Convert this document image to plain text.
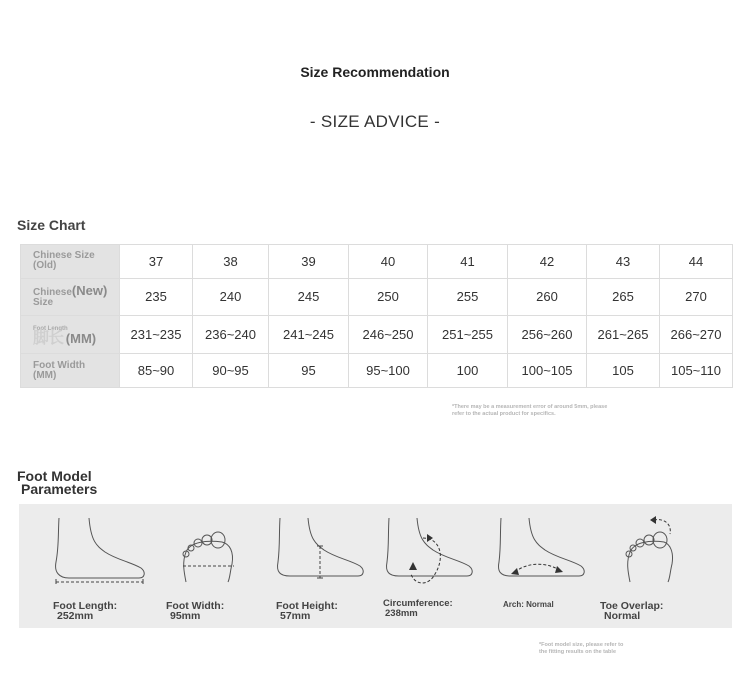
Size Recommendation
- SIZE ADVICE -
Size Chart
Chinese Size
(Old)	37	38	39	40	41	42	43	44
Chinese(New)
Size	235	240	245	250	255	260	265	270
Foot Length
脚长 (MM)	231~235	236~240	241~245	246~250	251~255	256~260	261~265	266~270
Foot Width
(MM)	85~90	90~95	95	95~100	100	100~105	105	105~110
*There may be a measurement error of around 5mm, please
refer to the actual product for specifics.
Foot Model
Parameters
Foot Length:
252mm
Foot Width:
95mm
Foot Height:
57mm
Circumference:
238mm
Arch: Normal	Toe Overlap:
Normal
*Foot model size, please refer to
the fitting results on the table
